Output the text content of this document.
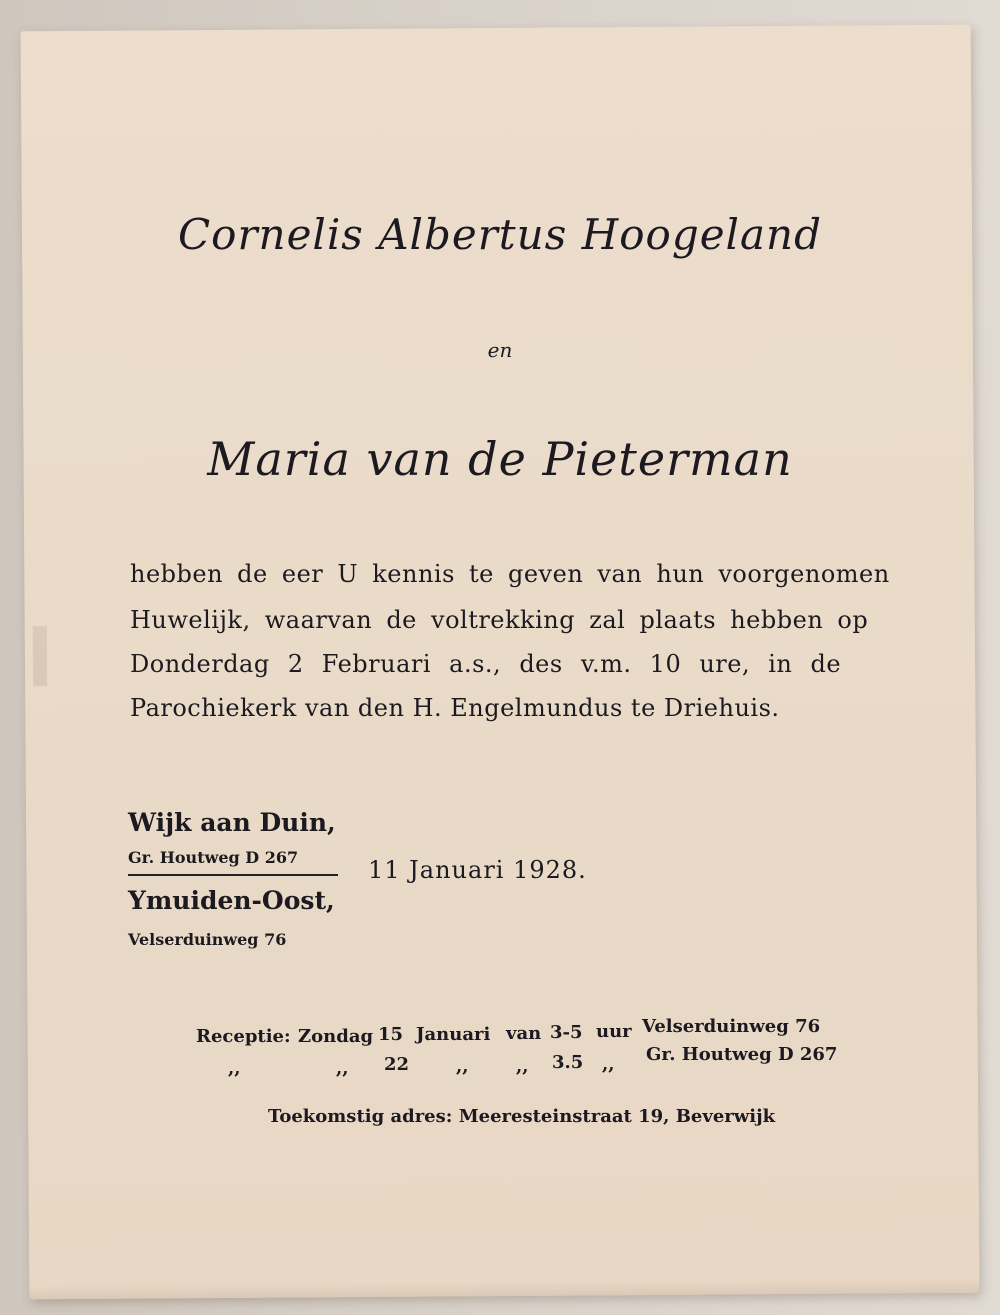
Cornelis Albertus Hoogeland
en
Maria van de Pieterman
hebben de eer U kennis te geven van hun voorgenomen
Huwelijk, waarvan de voltrekking zal plaats hebben op
Donderdag 2 Februari a.s., des v.m. 10 ure, in de
Parochiekerk van den H. Engelmundus te Driehuis.
Wijk aan Duin,
Gr. Houtweg D 267
Ymuiden-Oost,
Velserduinweg 76
11 Januari 1928.
Receptie: Zondag 15 Januari van 3-5 uur Velserduinweg 76
,,	,, 22	,,	,, 3.5 ,, Gr. Houtweg D 267
Toekomstig adres: Meeresteinstraat 19, Beverwijk
